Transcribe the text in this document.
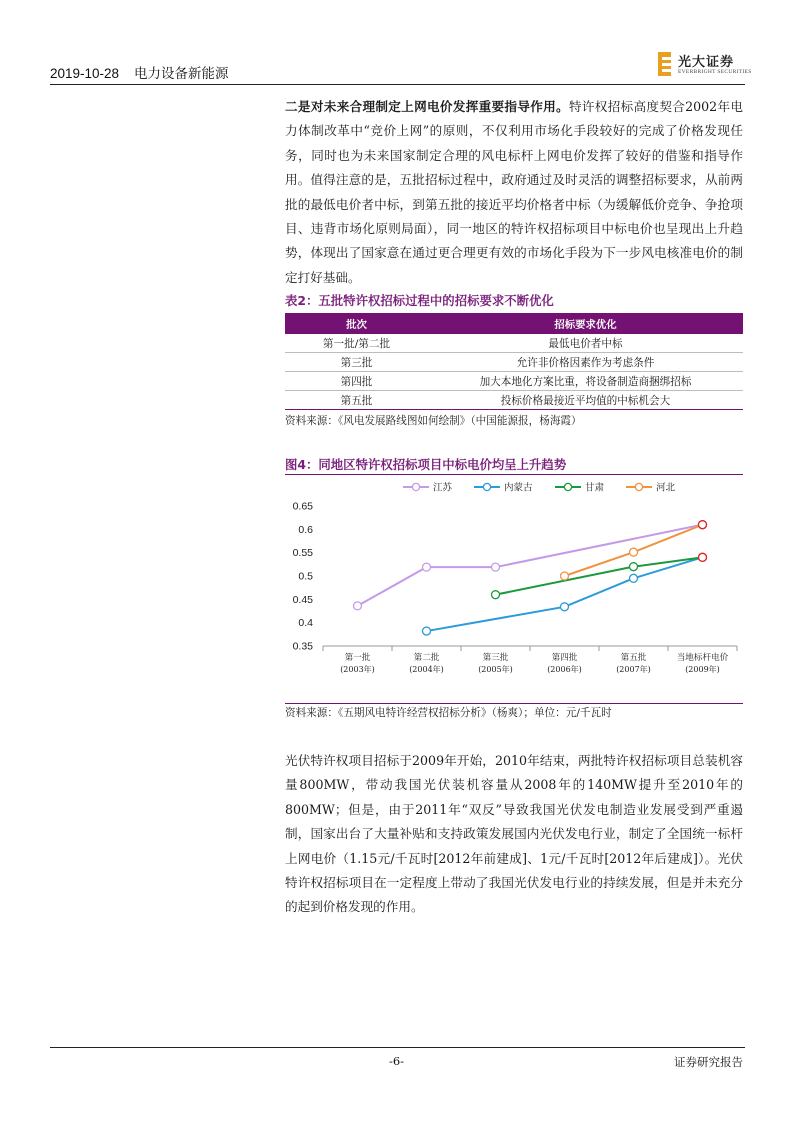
2019-10-28    电力设备新能源
光大证券
EVERBRIGHT SECURITIES

二是对未来合理制定上网电价发挥重要指导作用。特许权招标高度契合2002年电力体制改革中“竞价上网”的原则，不仅利用市场化手段较好的完成了价格发现任务，同时也为未来国家制定合理的风电标杆上网电价发挥了较好的借鉴和指导作用。值得注意的是，五批招标过程中，政府通过及时灵活的调整招标要求，从前两批的最低电价者中标，到第五批的接近平均价格者中标（为缓解低价竞争、争抢项目、违背市场化原则局面），同一地区的特许权招标项目中标电价也呈现出上升趋势，体现出了国家意在通过更合理更有效的市场化手段为下一步风电核准电价的制定打好基础。

表2：五批特许权招标过程中的招标要求不断优化
批次	招标要求优化
第一批/第二批	最低电价者中标
第三批	允许非价格因素作为考虑条件
第四批	加大本地化方案比重，将设备制造商捆绑招标
第五批	投标价格最接近平均值的中标机会大
资料来源：《风电发展路线图如何绘制》（中国能源报，杨海霞）
图4：同地区特许权招标项目中标电价均呈上升趋势
0.65
0.6
0.55
0.5
0.45
0.4
0.35
第一批
(2003年)
第二批
(2004年)
第三批
(2005年)
第四批
(2006年)
第五批
(2007年)
当地标杆电价
(2009年)
江苏	内蒙古	甘肃	河北
资料来源：《五期风电特许经营权招标分析》（杨爽）；单位：元/千瓦时

光伏特许权项目招标于2009年开始，2010年结束，两批特许权招标项目总装机容量800MW，带动我国光伏装机容量从2008年的140MW提升至2010年的800MW；但是，由于2011年“双反”导致我国光伏发电制造业发展受到严重遏制，国家出台了大量补贴和支持政策发展国内光伏发电行业，制定了全国统一标杆上网电价（1.15元/千瓦时[2012年前建成]、1元/千瓦时[2012年后建成]）。光伏特许权招标项目在一定程度上带动了我国光伏发电行业的持续发展，但是并未充分的起到价格发现的作用。

-6-	证券研究报告
